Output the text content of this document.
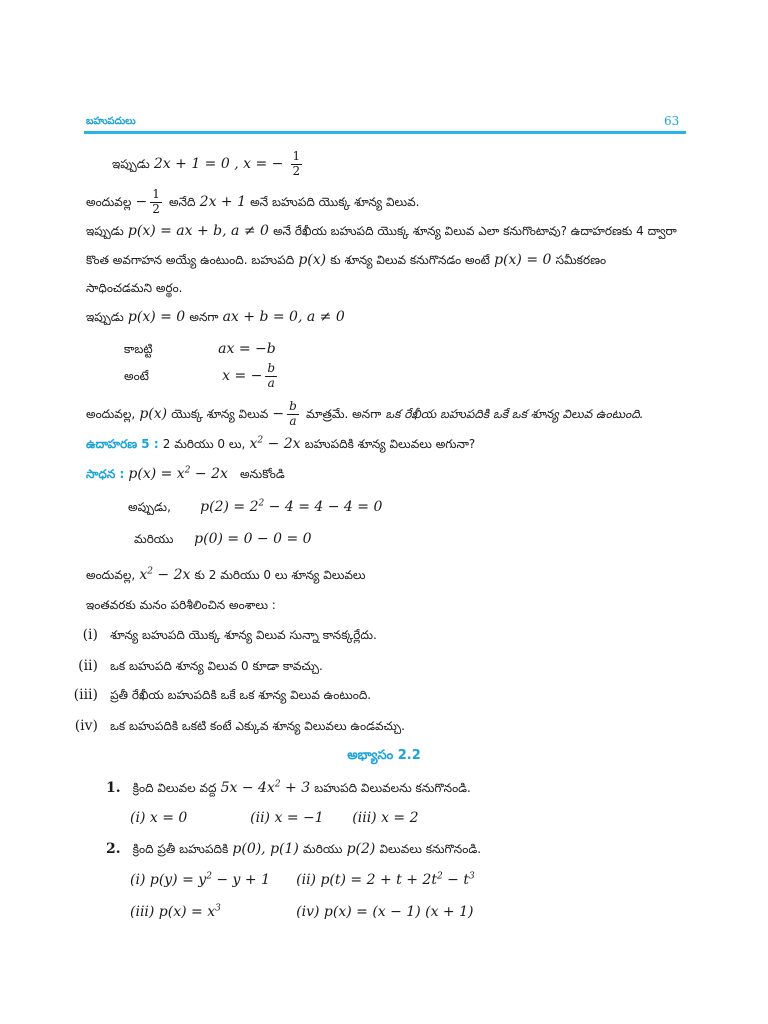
బహుపదులు	63
ఇప్పుడు 2x + 1 = 0 , x = − $\frac{1}{2}$
అందువల్ల − $\frac{1}{2}$ అనేది 2x + 1 అనే బహుపది యొక్క శూన్య విలువ.
ఇప్పుడు p(x) = ax + b, a ≠ 0 అనే రేఖీయ బహుపది యొక్క శూన్య విలువ ఎలా కనుగొంటావు? ఉదాహరణకు 4 ద్వారా
కొంత అవగాహన అయ్యే ఉంటుంది. బహుపది p(x) కు శూన్య విలువ కనుగొనడం అంటే p(x) = 0 సమీకరణం
సాధించడమని అర్థం.
ఇప్పుడు p(x) = 0 అనగా ax + b = 0, a ≠ 0
కాబట్టి	ax = −b
అంటే	x = − $\frac{b}{a}$
అందువల్ల, p(x) యొక్క శూన్య విలువ − $\frac{b}{a}$ మాత్రమే. అనగా ఒక రేఖీయ బహుపదికి ఒకే ఒక శూన్య విలువ ఉంటుంది.
ఉదాహరణ 5 : 2 మరియు 0 లు, $x^2 - 2x$ బహుపదికి శూన్య విలువలు అగునా?
సాధన : $p(x) = x^2 - 2x$ అనుకోండి
అప్పుడు, $p(2) = 2^2 - 4 = 4 - 4 = 0$
మరియు p(0) = 0 − 0 = 0
అందువల్ల, $x^2 - 2x$ కు 2 మరియు 0 లు శూన్య విలువలు
ఇంతవరకు మనం పరిశీలించిన అంశాలు :
(i) శూన్య బహుపది యొక్క శూన్య విలువ సున్నా కానక్కర్లేదు.
(ii) ఒక బహుపది శూన్య విలువ 0 కూడా కావచ్చు.
(iii) ప్రతీ రేఖీయ బహుపదికి ఒకే ఒక శూన్య విలువ ఉంటుంది.
(iv) ఒక బహుపదికి ఒకటి కంటే ఎక్కువ శూన్య విలువలు ఉండవచ్చు.
అభ్యాసం 2.2
1. క్రింది విలువల వద్ద $5x - 4x^2 + 3$ బహుపది విలువలను కనుగొనండి.
(i) x = 0	(ii) x = −1 (iii) x = 2
2. క్రింది ప్రతీ బహుపదికి p(0), p(1) మరియు p(2) విలువలు కనుగొనండి.
(i) $p(y) = y^2 - y + 1$ (ii) $p(t) = 2 + t + 2t^2 - t^3$
(iii) $p(x) = x^3$	(iv) p(x) = (x − 1) (x + 1)
